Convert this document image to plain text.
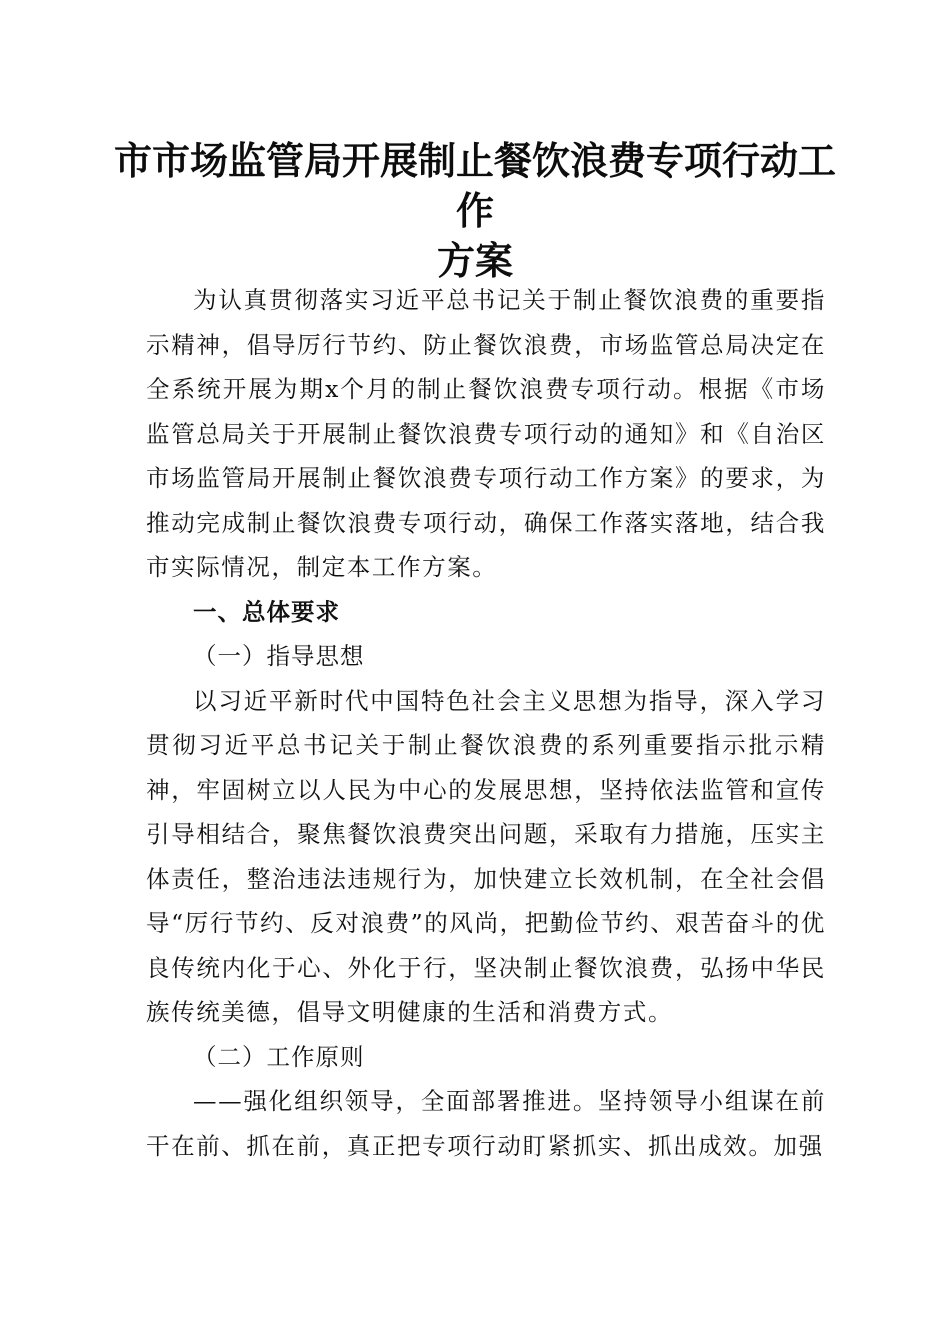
市市场监管局开展制止餐饮浪费专项行动工作
方案

为认真贯彻落实习近平总书记关于制止餐饮浪费的重要指示精神，倡导厉行节约、防止餐饮浪费，市场监管总局决定在全系统开展为期x个月的制止餐饮浪费专项行动。根据《市场监管总局关于开展制止餐饮浪费专项行动的通知》和《自治区市场监管局开展制止餐饮浪费专项行动工作方案》的要求，为推动完成制止餐饮浪费专项行动，确保工作落实落地，结合我市实际情况，制定本工作方案。

一、总体要求

（一）指导思想

以习近平新时代中国特色社会主义思想为指导，深入学习贯彻习近平总书记关于制止餐饮浪费的系列重要指示批示精神，牢固树立以人民为中心的发展思想，坚持依法监管和宣传引导相结合，聚焦餐饮浪费突出问题，采取有力措施，压实主体责任，整治违法违规行为，加快建立长效机制，在全社会倡导“厉行节约、反对浪费”的风尚，把勤俭节约、艰苦奋斗的优良传统内化于心、外化于行，坚决制止餐饮浪费，弘扬中华民族传统美德，倡导文明健康的生活和消费方式。

（二）工作原则

——强化组织领导，全面部署推进。坚持领导小组谋在前干在前、抓在前，真正把专项行动盯紧抓实、抓出成效。加强
